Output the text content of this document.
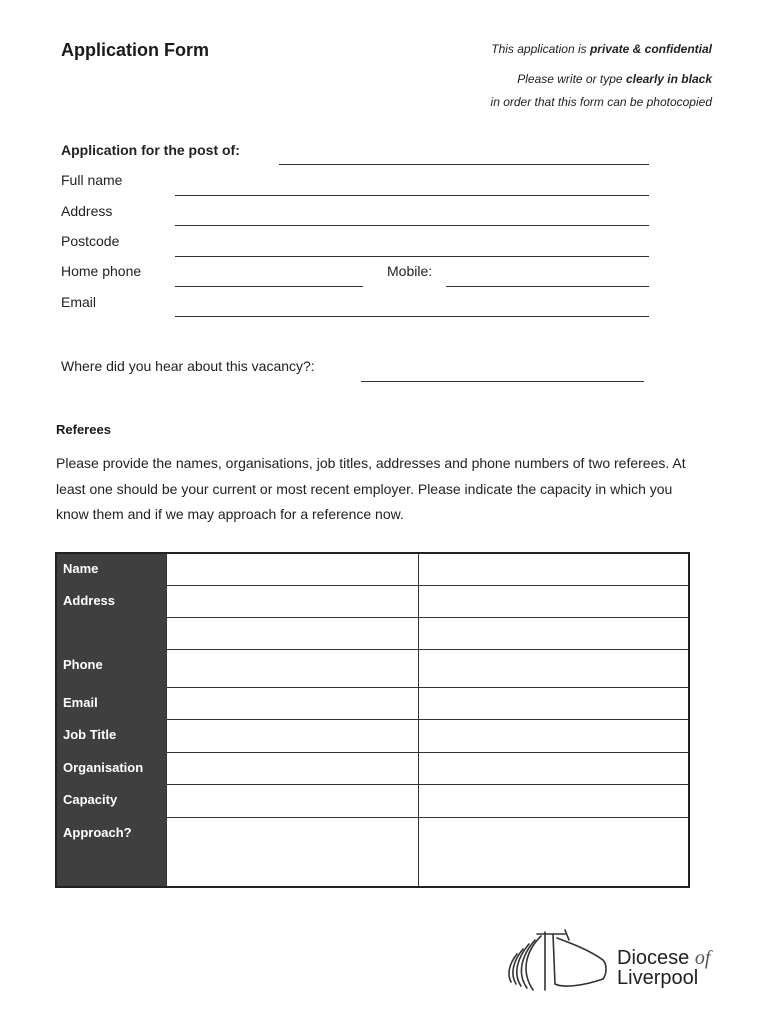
Application Form	This application is private & confidential
Please write or type clearly in black
in order that this form can be photocopied
Application for the post of:
Full name
Address
Postcode
Home phone	Mobile:
Email
Where did you hear about this vacancy?:
Referees
Please provide the names, organisations, job titles, addresses and phone numbers of two referees. At least one should be your current or most recent employer. Please indicate the capacity in which you know them and if we may approach for a reference now.
Name		
Address		

Phone		
Email		
Job Title		
Organisation		
Capacity		
Approach?		
Diocese of
Liverpool
